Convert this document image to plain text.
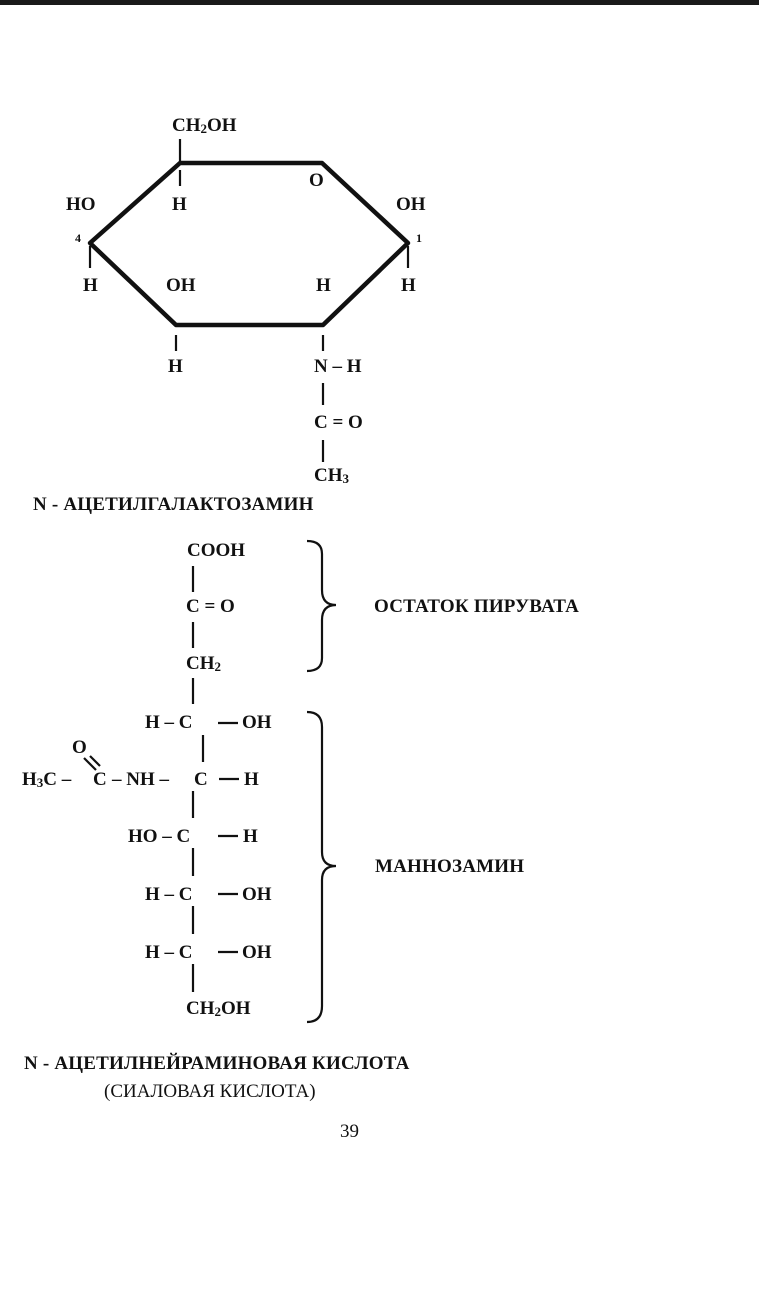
$CH_2OH$
O
H
HO
4
H	OH
H
H
N – H
OH
1
H
C = O
$CH_3$
N - АЦЕТИЛГАЛАКТОЗАМИН
COOH
C = O
$CH_2$
H – C	OH
O
$H_3C$ – C – NH – C H
HO – C	H
H – C	OH
H – C	OH
$CH_2OH$
ОСТАТОК ПИРУВАТА
МАННОЗАМИН
N - АЦЕТИЛНЕЙРАМИНОВАЯ КИСЛОТА
(СИАЛОВАЯ КИСЛОТА)
39
